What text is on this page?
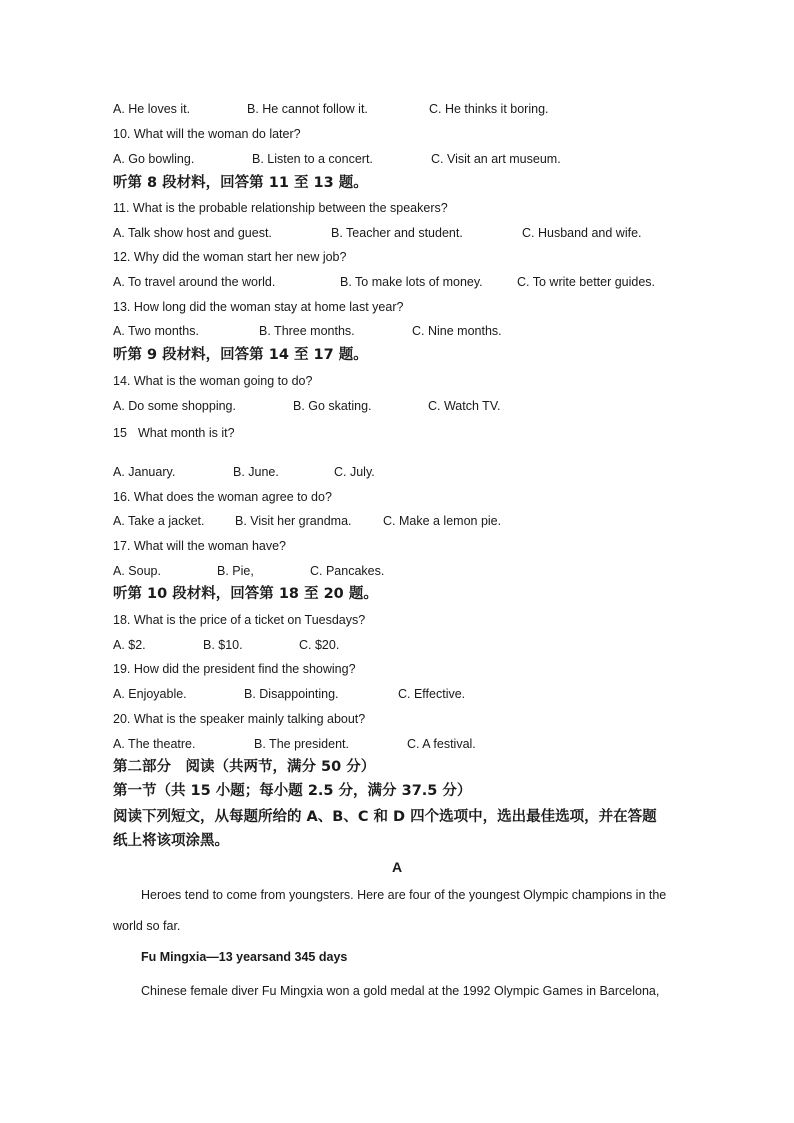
A. He loves it.	B. He cannot follow it.	C. He thinks it boring.
10. What will the woman do later?
A. Go bowling.	B. Listen to a concert.	C. Visit an art museum.
听第 8 段材料，回答第 11 至 13 题。
11. What is the probable relationship between the speakers?
A. Talk show host and guest.	B. Teacher and student.	C. Husband and wife.
12. Why did the woman start her new job?
A. To travel around the world.	B. To make lots of money.	C. To write better guides.
13. How long did the woman stay at home last year?
A. Two months.	B. Three months.	C. Nine months.
听第 9 段材料，回答第 14 至 17 题。
14. What is the woman going to do?
A. Do some shopping.	B. Go skating.	C. Watch TV.
15 What month is it?
A. January.	B. June.	C. July.
16. What does the woman agree to do?
A. Take a jacket. B. Visit her grandma.	C. Make a lemon pie.
17. What will the woman have?
A. Soup.	B. Pie,	C. Pancakes.
听第 10 段材料，回答第 18 至 20 题。
18. What is the price of a ticket on Tuesdays?
A. $2.	B. $10.	C. $20.
19. How did the president find the showing?
A. Enjoyable.	B. Disappointing.	C. Effective.
20. What is the speaker mainly talking about?
A. The theatre.	B. The president.	C. A festival.
第二部分　阅读（共两节，满分 50 分）
第一节（共 15 小题；每小题 2.5 分，满分 37.5 分）
阅读下列短文，从每题所给的 A、B、C 和 D 四个选项中，选出最佳选项，并在答题
纸上将该项涂黑。
A
Heroes tend to come from youngsters. Here are four of the youngest Olympic champions in the
world so far.
Fu Mingxia—13 yearsand 345 days
Chinese female diver Fu Mingxia won a gold medal at the 1992 Olympic Games in Barcelona,
